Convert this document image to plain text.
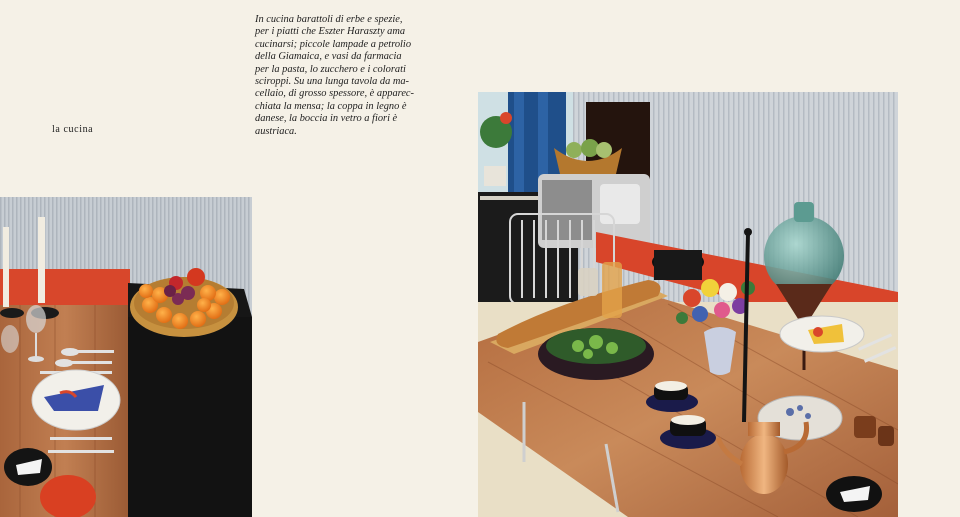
la cucina

In cucina barattoli di erbe e spezie,
per i piatti che Eszter Haraszty ama
cucinarsi; piccole lampade a petrolio
della Giamaica, e vasi da farmacia
per la pasta, lo zucchero e i colorati
sciroppi. Su una lunga tavola da ma-
cellaio, di grosso spessore, è apparec-
chiata la mensa; la coppa in legno è
danese, la boccia in vetro a fiori è
austriaca.
